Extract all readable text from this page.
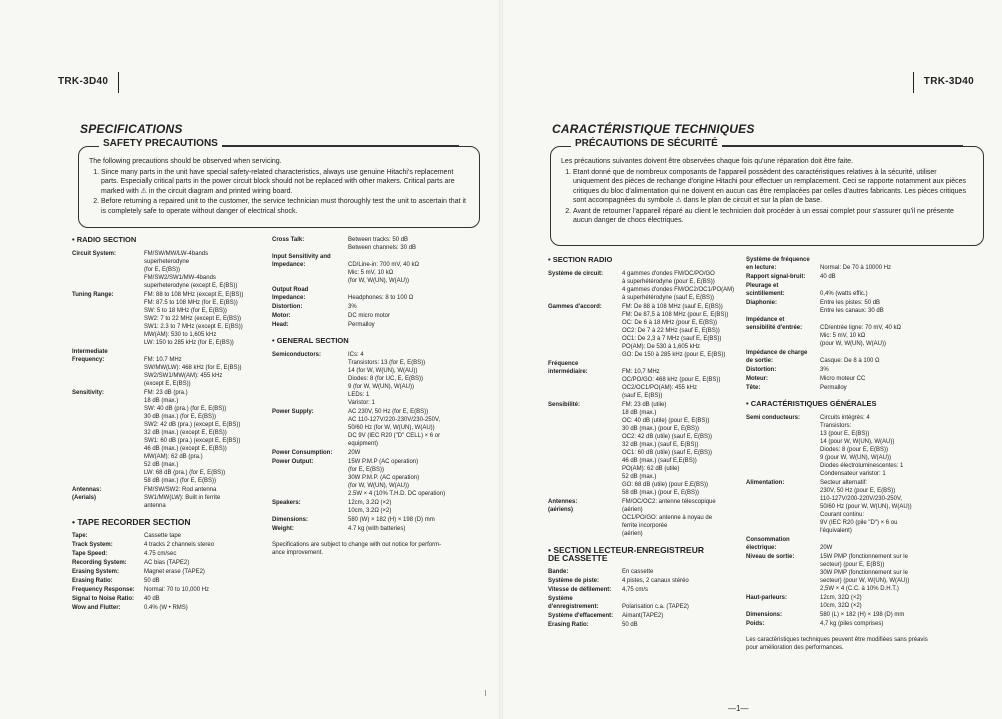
TRK-3D40
SPECIFICATIONS
SAFETY PRECAUTIONS

The following precautions should be observed when servicing.

1. Since many parts in the unit have special safety-related characteristics, always use genuine Hitachi's replacement parts. Especially critical parts in the power circuit block should not be replaced with other makers. Critical parts are marked with ⚠ in the circuit diagram and printed wiring board.
2. Before returning a repaired unit to the customer, the service technician must thoroughly test the unit to ascertain that it is completely safe to operate without danger of electrical shock.
• RADIO SECTION
Circuit System:	FM/SW/MW/LW-4bands
superheterodyne
(for E, E(BS))
FM/SW2/SW1/MW-4bands
superheterodyne (except E, E(BS))
Tuning Range:	FM: 88 to 108 MHz (except E, E(BS))
FM: 87.5 to 108 MHz (for E, E(BS))
SW: 5 to 18 MHz (for E, E(BS))
SW2: 7 to 22 MHz (except E, E(BS))
SW1: 2.3 to 7 MHz (except E, E(BS))
MW(AM): 530 to 1,605 kHz
LW: 150 to 285 kHz (for E, E(BS))
Intermediate
Frequency:	
FM: 10.7 MHz
SW/MW(LW): 468 kHz (for E, E(BS))
SW2/SW1/MW(AM): 455 kHz
(except E, E(BS))
Sensitivity:	FM: 23 dB (pra.)
18 dB (max.)
SW: 40 dB (pra.) (for E, E(BS))
30 dB (max.) (for E, E(BS))
SW2: 42 dB (pra.) (except E, E(BS))
32 dB (max.) (except E, E(BS))
SW1: 60 dB (pra.) (except E, E(BS))
46 dB (max.) (except E, E(BS))
MW(AM): 62 dB (pra.)
52 dB (max.)
LW: 68 dB (pra.) (for E, E(BS))
58 dB (max.) (for E, E(BS))
Antennas:
(Aerials)
FM/SW/SW2: Rod antenna
SW1/MW(LW): Built in ferrite
antenna
• TAPE RECORDER SECTION
Tape:	Cassette tape
Track System:	4 tracks 2 channels stereo
Tape Speed:	4.75 cm/sec
Recording System:	AC bias (TAPE2)
Erasing System:	Magnet erase (TAPE2)
Erasing Ratio:	50 dB
Frequency Response:	Normal: 70 to 10,000 Hz
Signal to Noise Ratio:	40 dB
Wow and Flutter:	0.4% (W • RMS)
Cross Talk:	Between tracks: 50 dB
Between channels: 30 dB
Input Sensitivity and
Impedance:	
CD/Line-in: 700 mV, 40 kΩ
Mic: 5 mV, 10 kΩ
(for W, W(UN), W(AU))
Output Road
Impedance:	
Headphones: 8 to 100 Ω
Distortion:	3%
Motor:	DC micro motor
Head:	Permalloy
• GENERAL SECTION
Semiconductors:	ICs: 4
Transistors: 13 (for E, E(BS))
14 (for W, W(UN), W(AU))
Diodes: 8 (for UC, E, E(BS))
9 (for W, W(UN), W(AU))
LEDs: 1
Varistor: 1
Power Supply:	AC 230V, 50 Hz (for E, E(BS))
AC 110-127V/220-230V/230-250V,
50/60 Hz (for W, W(UN), W(AU))
DC 9V (IEC R20 ("D" CELL) × 6 or
equipment)
Power Consumption:	20W
Power Output:	15W P.M.P (AC operation)
(for E, E(BS))
30W P.M.P. (AC operation)
(for W, W(UN), W(AU))
2.5W × 4 (10% T.H.D. DC operation)
Speakers:	12cm, 3.2Ω (×2)
10cm, 3.2Ω (×2)
Dimensions:	580 (W) × 182 (H) × 198 (D) mm
Weight:	4.7 kg (with batteries)
Specifications are subject to change with out notice for perform-
ance improvement.
TRK-3D40
CARACTÉRISTIQUE TECHNIQUES
PRÉCAUTIONS DE SÉCURITÉ

Les précautions suivantes doivent être observées chaque fois qu'une réparation doit être faite.

1. Etant donné que de nombreux composants de l'appareil possèdent des caractéristiques relatives à la sécurité, utiliser uniquement des pièces de rechange d'origine Hitachi pour effectuer un remplacement. Ceci se rapporte notamment aux pièces critiques du bloc d'alimentation qui ne doivent en aucun cas être remplacées par celles d'autres fabricants. Les pièces critiques sont accompagnées du symbole ⚠ dans le plan de circuit et sur la plan de base.
2. Avant de retourner l'appareil réparé au client le technicien doit procéder à un essai complet pour s'assurer qu'il ne présente aucun danger de chocs électriques.
• SECTION RADIO
Système de circuit:	4 gammes d'ondes FM/OC/PO/GO
à superhétérodyne (pour E, E(BS))
4 gammes d'ondes FM/OC2/OC1/PO(AM)
à superhétérodyne (sauf E, E(BS))
Gammes d'accord:	FM: De 88 à 108 MHz (sauf E, E(BS))
FM: De 87,5 à 108 MHz (pour E, E(BS))
OC: De 6 à 18 MHz (pour E, E(BS))
OC2: De 7 à 22 MHz (sauf E, E(BS))
OC1: De 2,3 à 7 MHz (sauf E, E(BS))
PO(AM): De 530 à 1,605 kHz
GO: De 150 à 285 kHz (pour E, E(BS))
Fréquence
intermédiaire:	
FM: 10,7 MHz
OC/PO/GO: 468 kHz (pour E, E(BS))
OC2/OC1/PO(AM): 455 kHz
(sauf E, E(BS))
Sensibilité:	FM: 23 dB (utile)
18 dB (max.)
OC: 40 dB (utile) (pour E, E(BS))
30 dB (max.) (pour E, E(BS))
OC2: 42 dB (utile) (sauf E, E(BS))
32 dB (max.) (sauf E, E(BS))
OC1: 60 dB (utile) (sauf E, E(BS))
46 dB (max.) (sauf E,E(BS))
PO(AM): 62 dB (utile)
52 dB (max.)
GO: 68 dB (utile) (pour E,E(BS))
58 dB (max.) (pour E, E(BS))
Antennes:
(aériens)
FM/OC/OC2: antenne télescopique
(aérien)
OC1/PO/GO: antenne à noyau de
ferrite incorporée
(aérien)
• SECTION LECTEUR-ENREGISTREUR
DE CASSETTE
Bande:	En cassette
Système de piste:	4 pistes, 2 canaux stéréo
Vitesse de défilement:	4,75 cm/s
Système
d'enregistrement:	
Polarisation c.a. (TAPE2)
Système d'effacement:	Aimant(TAPE2)
Erasing Ratio:	50 dB
Système de fréquence
en lecture:	
Normal: De 70 à 10000 Hz
Rapport signal-bruit:	40 dB
Pleurage et
scintillement:	
0,4% (watts effic.)
Diaphonie:	Entre les pistes: 50 dB
Entre les canaux: 30 dB
Impédance et
sensibilité d'entrée:	
CD/entrée ligne: 70 mV, 40 kΩ
Mic: 5 mV, 10 kΩ
(pour W, W(UN), W(AU))
Impédance de charge
de sortie:	
Casque: De 8 à 100 Ω
Distortion:	3%
Moteur:	Micro moteur CC
Tête:	Permalloy
• CARACTÉRISTIQUES GÉNÉRALES
Semi conducteurs:	Circuits intégrés: 4
Transistors:
13 (pour E, E(BS))
14 (pour W, W(UN), W(AU))
Diodes: 8 (pour E, E(BS))
9 (pour W, W(UN), W(AU))
Diodes électroluminescentes: 1
Condensateur varistor: 1
Alimentation:	Secteur alternatif:
230V, 50 Hz (pour E, E(BS))
110-127V/200-220V/230-250V,
50/60 Hz (pour W, W(UN), W(AU))
Courant continu:
9V (IEC R20 (pile "D") × 6 ou
l'équivalent)
Consommation
électrique:	
20W
Niveau de sortie:	15W PMP (fonctionnement sur le
secteur) (pour E, E(BS))
30W PMP (fonctionnement sur le
secteur) (pour W, W(UN), W(AU))
2,5W × 4 (C.C. à 10% D.H.T.)
Haut-parleurs:	12cm, 32Ω (×2)
10cm, 32Ω (×2)
Dimensions:	580 (L) × 182 (H) × 198 (D) mm
Poids:	4,7 kg (piles comprises)
Les caractéristiques techniques peuvent être modifiées sans préavis
pour amélioration des performances.
—1—
